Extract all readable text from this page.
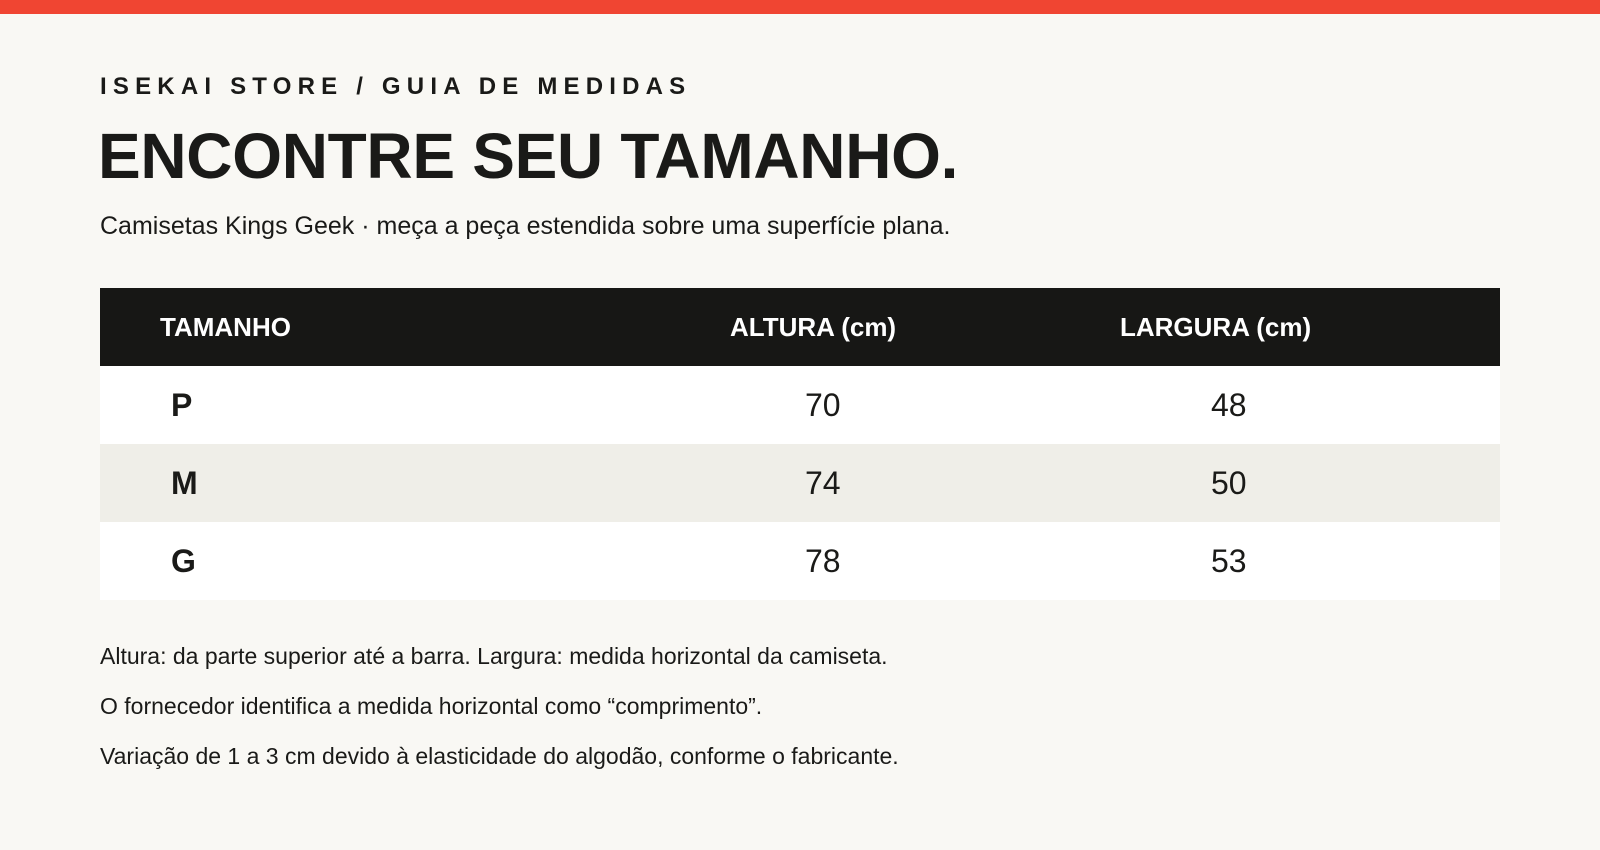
ISEKAI STORE / GUIA DE MEDIDAS
ENCONTRE SEU TAMANHO.
Camisetas Kings Geek · meça a peça estendida sobre uma superfície plana.
TAMANHO	ALTURA (cm)	LARGURA (cm)
P	70	48
M	74	50
G	78	53

Altura: da parte superior até a barra. Largura: medida horizontal da camiseta.

O fornecedor identifica a medida horizontal como “comprimento”.

Variação de 1 a 3 cm devido à elasticidade do algodão, conforme o fabricante.
